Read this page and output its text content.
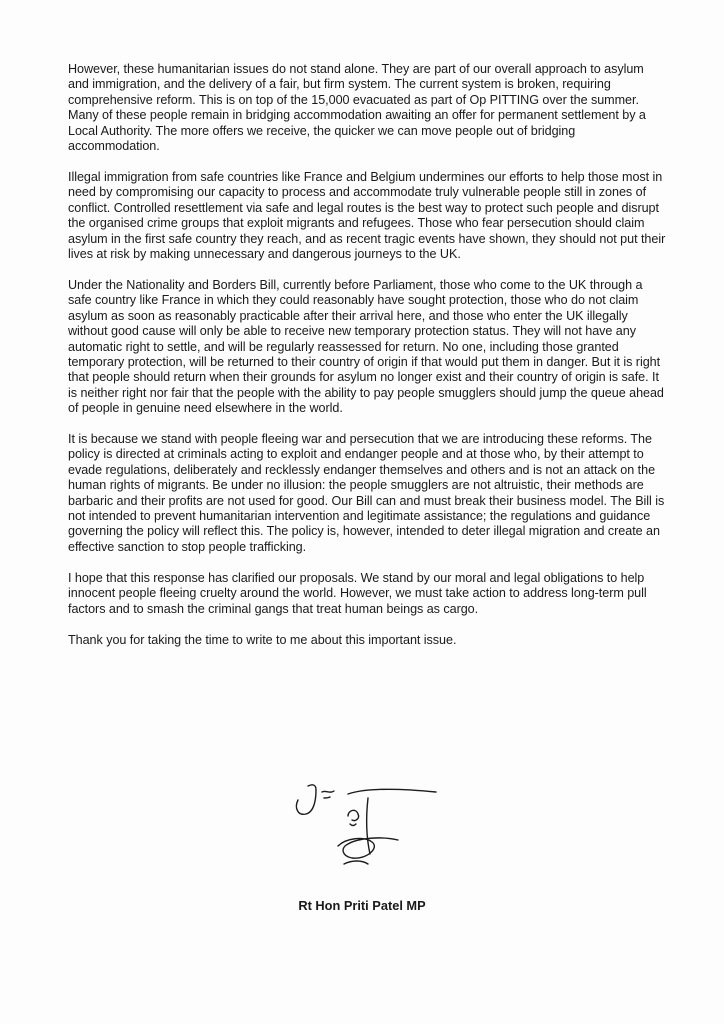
However, these humanitarian issues do not stand alone. They are part of our overall approach to asylum and immigration, and the delivery of a fair, but firm system. The current system is broken, requiring comprehensive reform. This is on top of the 15,000 evacuated as part of Op PITTING over the summer. Many of these people remain in bridging accommodation awaiting an offer for permanent settlement by a Local Authority. The more offers we receive, the quicker we can move people out of bridging accommodation.

Illegal immigration from safe countries like France and Belgium undermines our efforts to help those most in need by compromising our capacity to process and accommodate truly vulnerable people still in zones of conflict. Controlled resettlement via safe and legal routes is the best way to protect such people and disrupt the organised crime groups that exploit migrants and refugees. Those who fear persecution should claim asylum in the first safe country they reach, and as recent tragic events have shown, they should not put their lives at risk by making unnecessary and dangerous journeys to the UK.

Under the Nationality and Borders Bill, currently before Parliament, those who come to the UK through a safe country like France in which they could reasonably have sought protection, those who do not claim asylum as soon as reasonably practicable after their arrival here, and those who enter the UK illegally without good cause will only be able to receive new temporary protection status. They will not have any automatic right to settle, and will be regularly reassessed for return. No one, including those granted temporary protection, will be returned to their country of origin if that would put them in danger. But it is right that people should return when their grounds for asylum no longer exist and their country of origin is safe. It is neither right nor fair that the people with the ability to pay people smugglers should jump the queue ahead of people in genuine need elsewhere in the world.

It is because we stand with people fleeing war and persecution that we are introducing these reforms. The policy is directed at criminals acting to exploit and endanger people and at those who, by their attempt to evade regulations, deliberately and recklessly endanger themselves and others and is not an attack on the human rights of migrants. Be under no illusion: the people smugglers are not altruistic, their methods are barbaric and their profits are not used for good. Our Bill can and must break their business model. The Bill is not intended to prevent humanitarian intervention and legitimate assistance; the regulations and guidance governing the policy will reflect this. The policy is, however, intended to deter illegal migration and create an effective sanction to stop people trafficking.

I hope that this response has clarified our proposals. We stand by our moral and legal obligations to help innocent people fleeing cruelty around the world. However, we must take action to address long-term pull factors and to smash the criminal gangs that treat human beings as cargo.

Thank you for taking the time to write to me about this important issue.

Rt Hon Priti Patel MP
